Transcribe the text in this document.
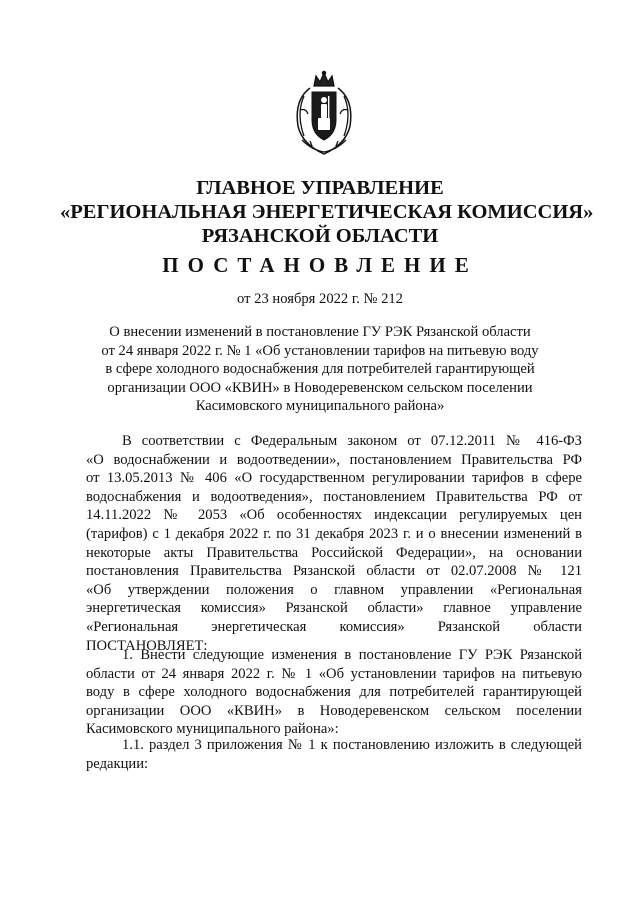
ГЛАВНОЕ УПРАВЛЕНИЕ
«РЕГИОНАЛЬНАЯ ЭНЕРГЕТИЧЕСКАЯ КОМИССИЯ»
РЯЗАНСКОЙ ОБЛАСТИ
ПОСТАНОВЛЕНИЕ
от 23 ноября 2022 г. № 212
О внесении изменений в постановление ГУ РЭК Рязанской области
от 24 января 2022 г. № 1 «Об установлении тарифов на питьевую воду
в сфере холодного водоснабжения для потребителей гарантирующей
организации ООО «КВИН» в Новодеревенском сельском поселении
Касимовского муниципального района»
В соответствии с Федеральным законом от 07.12.2011 № 416-ФЗ
«О водоснабжении и водоотведении», постановлением Правительства РФ
от 13.05.2013 № 406 «О государственном регулировании тарифов в сфере
водоснабжения и водоотведения», постановлением Правительства РФ от
14.11.2022 № 2053 «Об особенностях индексации регулируемых цен
(тарифов) с 1 декабря 2022 г. по 31 декабря 2023 г. и о внесении изменений в
некоторые акты Правительства Российской Федерации», на основании
постановления Правительства Рязанской области от 02.07.2008 № 121
«Об утверждении положения о главном управлении «Региональная
энергетическая комиссия» Рязанской области» главное управление
«Региональная энергетическая комиссия» Рязанской области
ПОСТАНОВЛЯЕТ:
1. Внести следующие изменения в постановление ГУ РЭК Рязанской
области от 24 января 2022 г. № 1 «Об установлении тарифов на питьевую
воду в сфере холодного водоснабжения для потребителей гарантирующей
организации ООО «КВИН» в Новодеревенском сельском поселении
Касимовского муниципального района»:
1.1. раздел 3 приложения № 1 к постановлению изложить в следующей
редакции:
